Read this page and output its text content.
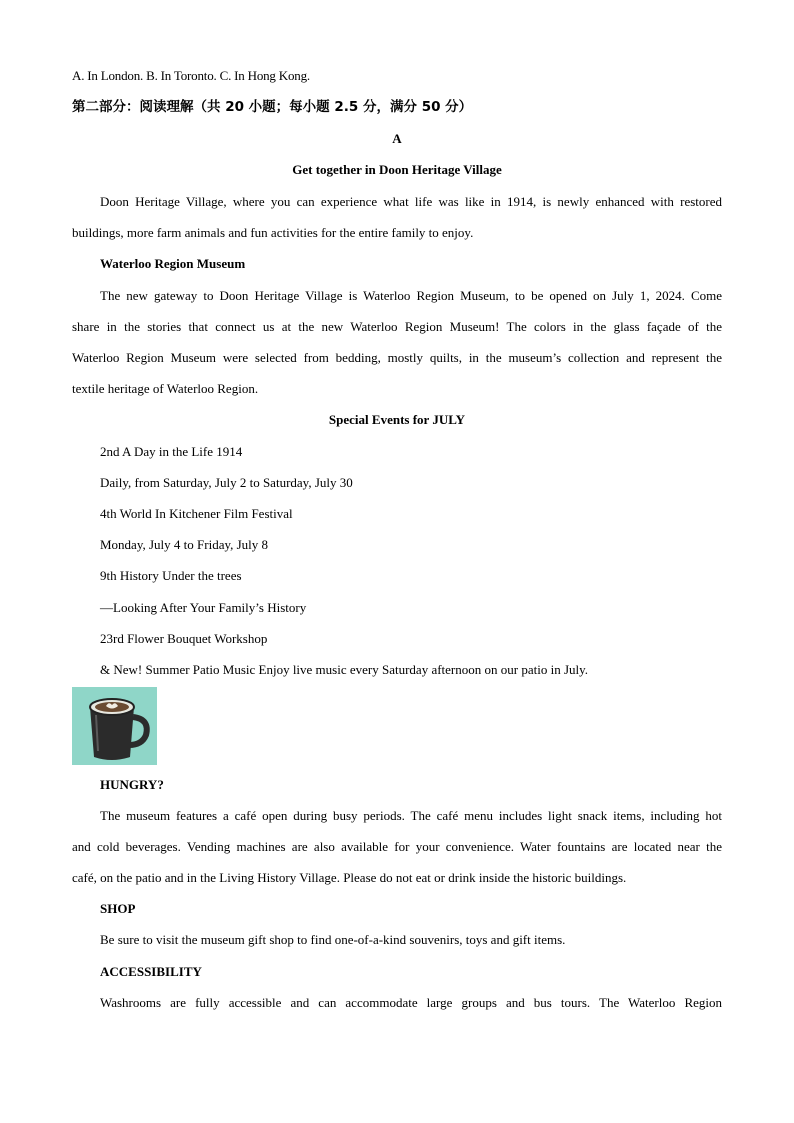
A. In London. B. In Toronto. C. In Hong Kong.
第二部分：阅读理解（共 20 小题；每小题 2.5 分，满分 50 分）
A
Get together in Doon Heritage Village
Doon Heritage Village, where you can experience what life was like in 1914, is newly enhanced with restored
buildings, more farm animals and fun activities for the entire family to enjoy.
Waterloo Region Museum
The new gateway to Doon Heritage Village is Waterloo Region Museum, to be opened on July 1, 2024. Come
share in the stories that connect us at the new Waterloo Region Museum! The colors in the glass façade of the
Waterloo Region Museum were selected from bedding, mostly quilts, in the museum’s collection and represent the
textile heritage of Waterloo Region.
Special Events for JULY
2nd A Day in the Life 1914
Daily, from Saturday, July 2 to Saturday, July 30
4th World In Kitchener Film Festival
Monday, July 4 to Friday, July 8
9th History Under the trees
—Looking After Your Family’s History
23rd Flower Bouquet Workshop
& New! Summer Patio Music Enjoy live music every Saturday afternoon on our patio in July.
HUNGRY?
The museum features a café open during busy periods. The café menu includes light snack items, including hot
and cold beverages. Vending machines are also available for your convenience. Water fountains are located near the
café, on the patio and in the Living History Village. Please do not eat or drink inside the historic buildings.
SHOP
Be sure to visit the museum gift shop to find one-of-a-kind souvenirs, toys and gift items.
ACCESSIBILITY
Washrooms are fully accessible and can accommodate large groups and bus tours. The Waterloo Region
